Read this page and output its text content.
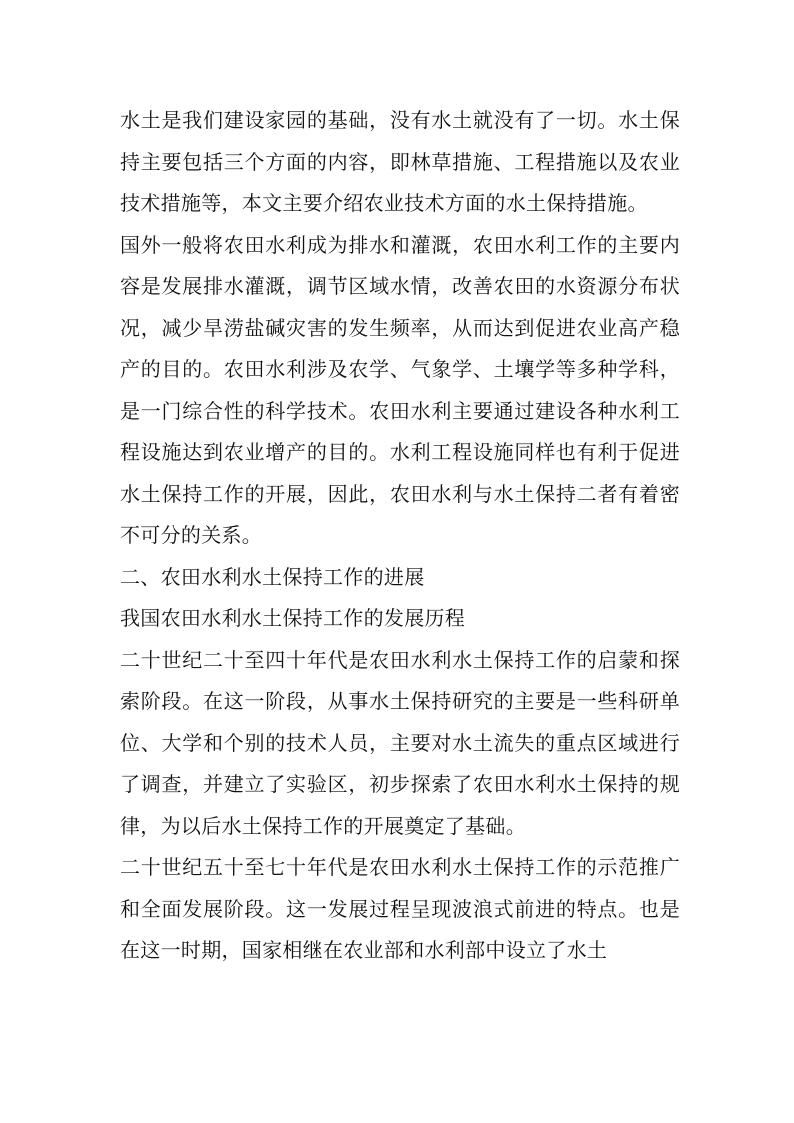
水土是我们建设家园的基础，没有水土就没有了一切。水土保持主要包括三个方面的内容，即林草措施、工程措施以及农业技术措施等，本文主要介绍农业技术方面的水土保持措施。

国外一般将农田水利成为排水和灌溉，农田水利工作的主要内容是发展排水灌溉，调节区域水情，改善农田的水资源分布状况，减少旱涝盐碱灾害的发生频率，从而达到促进农业高产稳产的目的。农田水利涉及农学、气象学、土壤学等多种学科，是一门综合性的科学技术。农田水利主要通过建设各种水利工程设施达到农业增产的目的。水利工程设施同样也有利于促进水土保持工作的开展，因此，农田水利与水土保持二者有着密不可分的关系。

二、农田水利水土保持工作的进展

我国农田水利水土保持工作的发展历程

二十世纪二十至四十年代是农田水利水土保持工作的启蒙和探索阶段。在这一阶段，从事水土保持研究的主要是一些科研单位、大学和个别的技术人员，主要对水土流失的重点区域进行了调查，并建立了实验区，初步探索了农田水利水土保持的规律，为以后水土保持工作的开展奠定了基础。

二十世纪五十至七十年代是农田水利水土保持工作的示范推广和全面发展阶段。这一发展过程呈现波浪式前进的特点。也是在这一时期，国家相继在农业部和水利部中设立了水土
